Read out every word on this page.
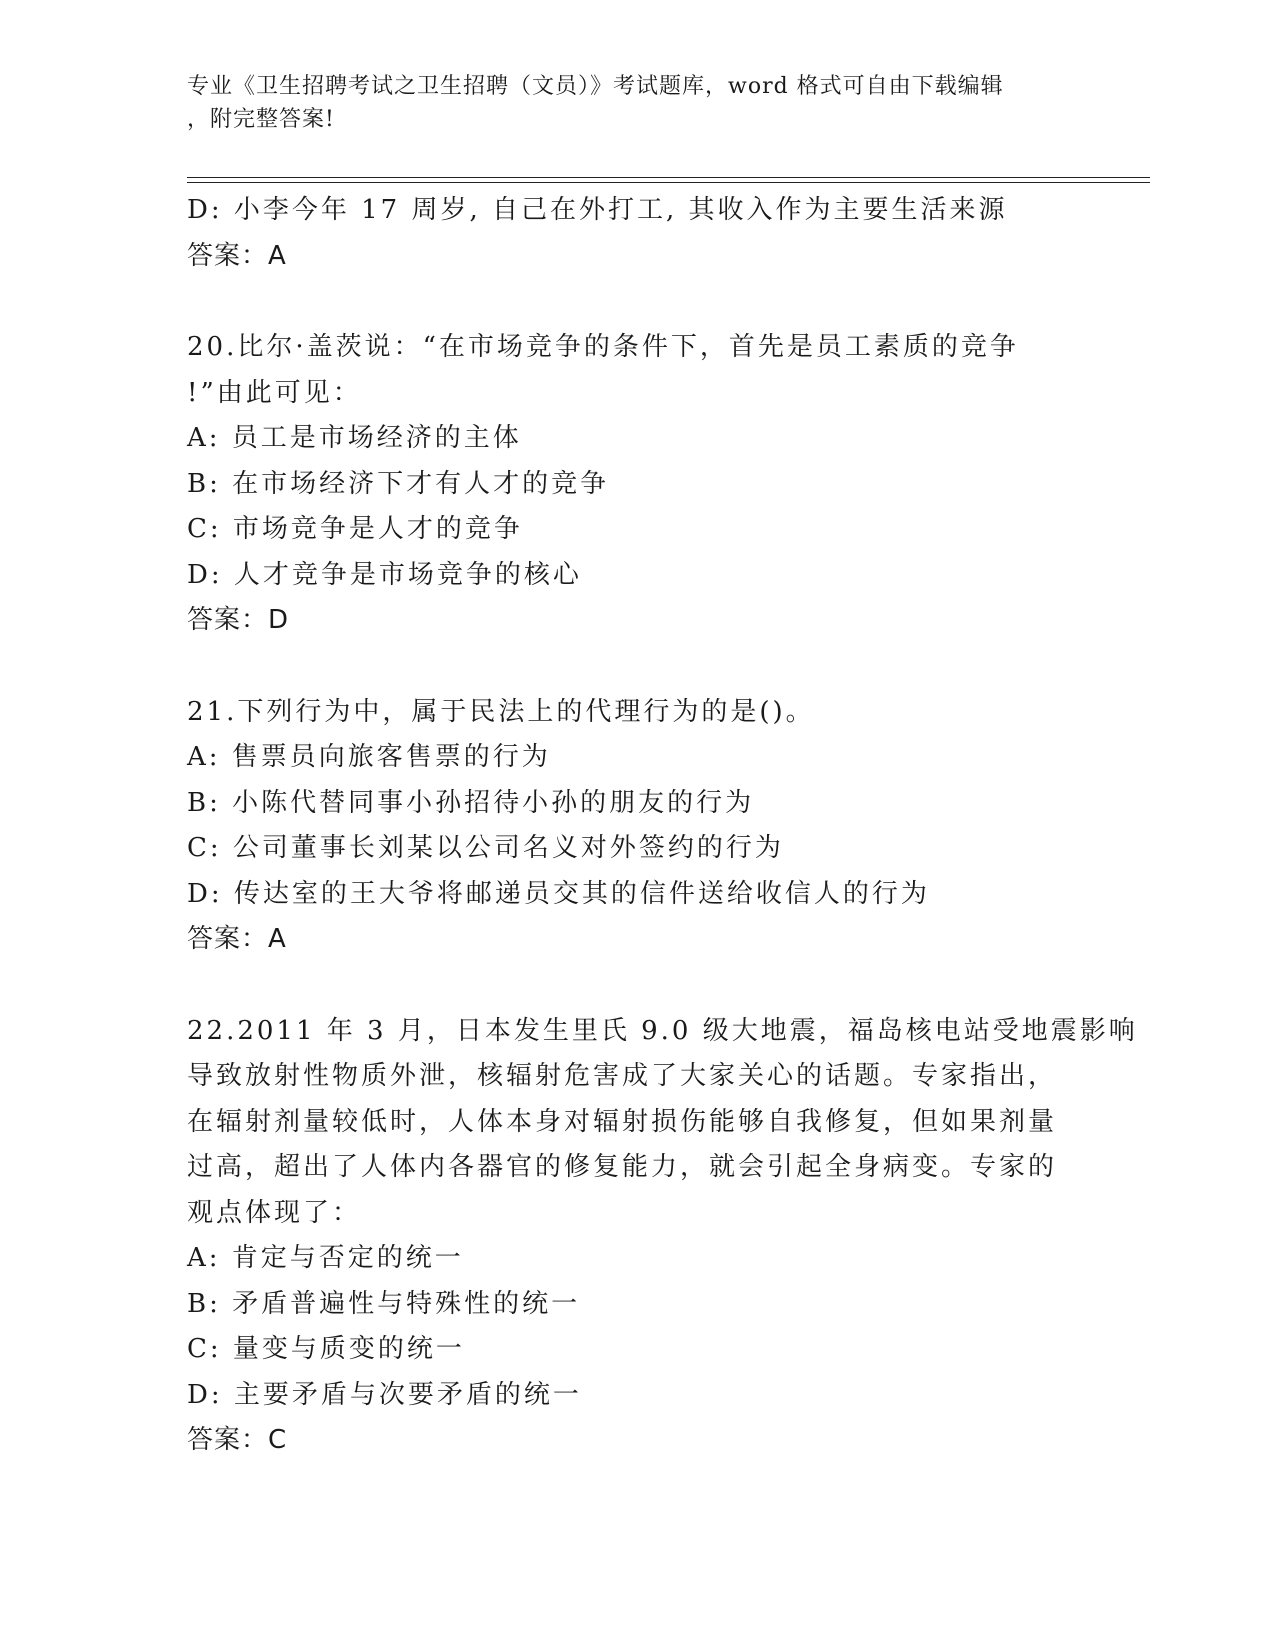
专业《卫生招聘考试之卫生招聘（文员）》考试题库，word 格式可自由下载编辑
，附完整答案!
D: 小李今年 17 周岁, 自己在外打工, 其收入作为主要生活来源
答案：A
20.比尔·盖茨说：“在市场竞争的条件下，首先是员工素质的竞争
!”由此可见：
A: 员工是市场经济的主体
B: 在市场经济下才有人才的竞争
C: 市场竞争是人才的竞争
D: 人才竞争是市场竞争的核心
答案：D
21.下列行为中，属于民法上的代理行为的是()。
A: 售票员向旅客售票的行为
B: 小陈代替同事小孙招待小孙的朋友的行为
C: 公司董事长刘某以公司名义对外签约的行为
D: 传达室的王大爷将邮递员交其的信件送给收信人的行为
答案：A
22.2011 年 3 月，日本发生里氏 9.0 级大地震，福岛核电站受地震影响
导致放射性物质外泄，核辐射危害成了大家关心的话题。专家指出，
在辐射剂量较低时，人体本身对辐射损伤能够自我修复，但如果剂量
过高，超出了人体内各器官的修复能力，就会引起全身病变。专家的
观点体现了：
A: 肯定与否定的统一
B: 矛盾普遍性与特殊性的统一
C: 量变与质变的统一
D: 主要矛盾与次要矛盾的统一
答案：C
